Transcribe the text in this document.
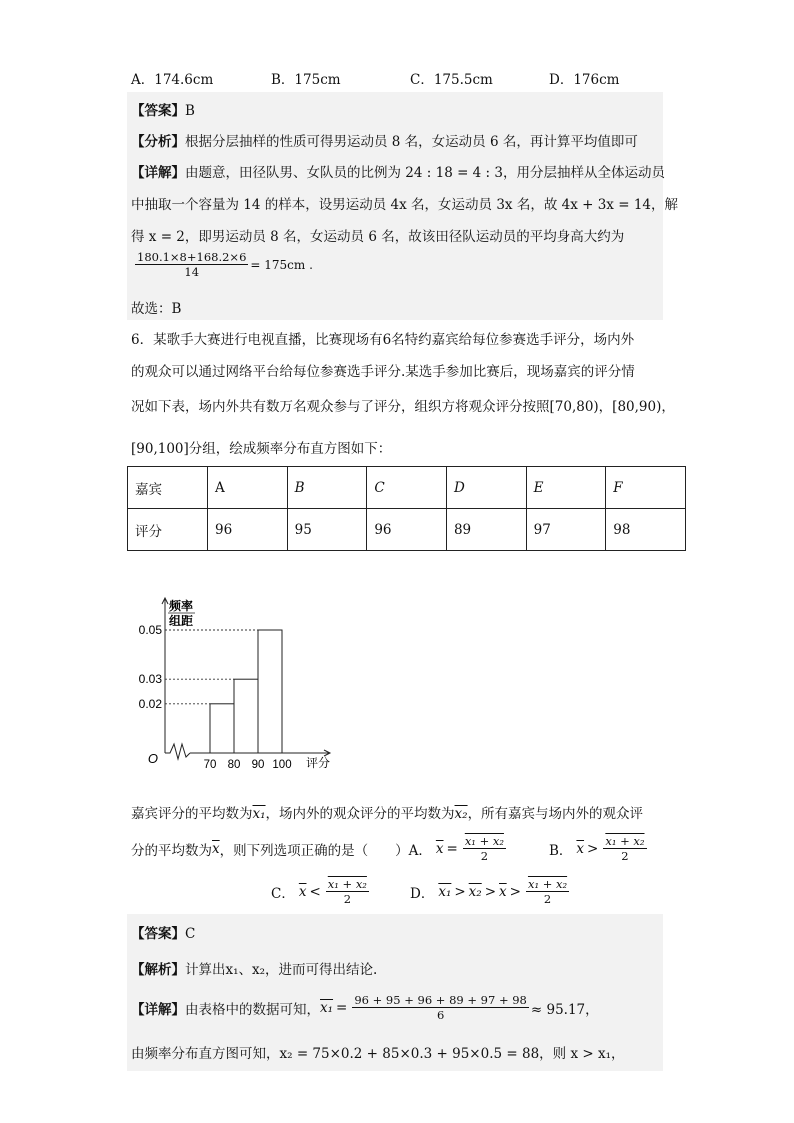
A．174.6cm	B．175cm	C．175.5cm	D．176cm
【答案】B
【分析】根据分层抽样的性质可得男运动员 8 名，女运动员 6 名，再计算平均值即可
【详解】由题意，田径队男、女队员的比例为 24 : 18 = 4 : 3，用分层抽样从全体运动员
中抽取一个容量为 14 的样本，设男运动员 4x 名，女运动员 3x 名，故 4x + 3x = 14，解
得 x = 2，即男运动员 8 名，女运动员 6 名，故该田径队运动员的平均身高大约为
$\frac{180.1\times 8+168.2\times 6}{14} = 175cm$ .
故选：B
6．某歌手大赛进行电视直播，比赛现场有6名特约嘉宾给每位参赛选手评分，场内外
的观众可以通过网络平台给每位参赛选手评分.某选手参加比赛后，现场嘉宾的评分情
况如下表，场内外共有数万名观众参与了评分，组织方将观众评分按照[70,80)，[80,90)，
[90,100]分组，绘成频率分布直方图如下：
嘉宾	A	B	C	D	E	F
评分	96	95	96	89	97	98
O
频率
组距
评分
0.02
0.03
0.05
70 80 90 100
嘉宾评分的平均数为x₁，场内外的观众评分的平均数为x₂，所有嘉宾与场内外的观众评
分的平均数为 $\overline{x}$ ，则下列选项正确的是（　　）A． $\overline{x} = \frac{\text{x₁ + x₂}}{2}$	B． $\overline{x} > \frac{\text{x₁ + x₂}}{2}$
C． $\overline{x} < \frac{\text{x₁ + x₂}}{2}$	D． $x_1 > x_2 > \overline{x} > \frac{\text{x₁ + x₂}}{2}$
【答案】C
【解析】计算出x₁、x₂，进而可得出结论.
【详解】 由表格中的数据可知， $x_1 = \frac{96 + 95 + 96 + 89 + 97 + 98}{6} \approx 95.17$，
由频率分布直方图可知，x₂ = 75×0.2 + 85×0.3 + 95×0.5 = 88，则 x > x₁，
